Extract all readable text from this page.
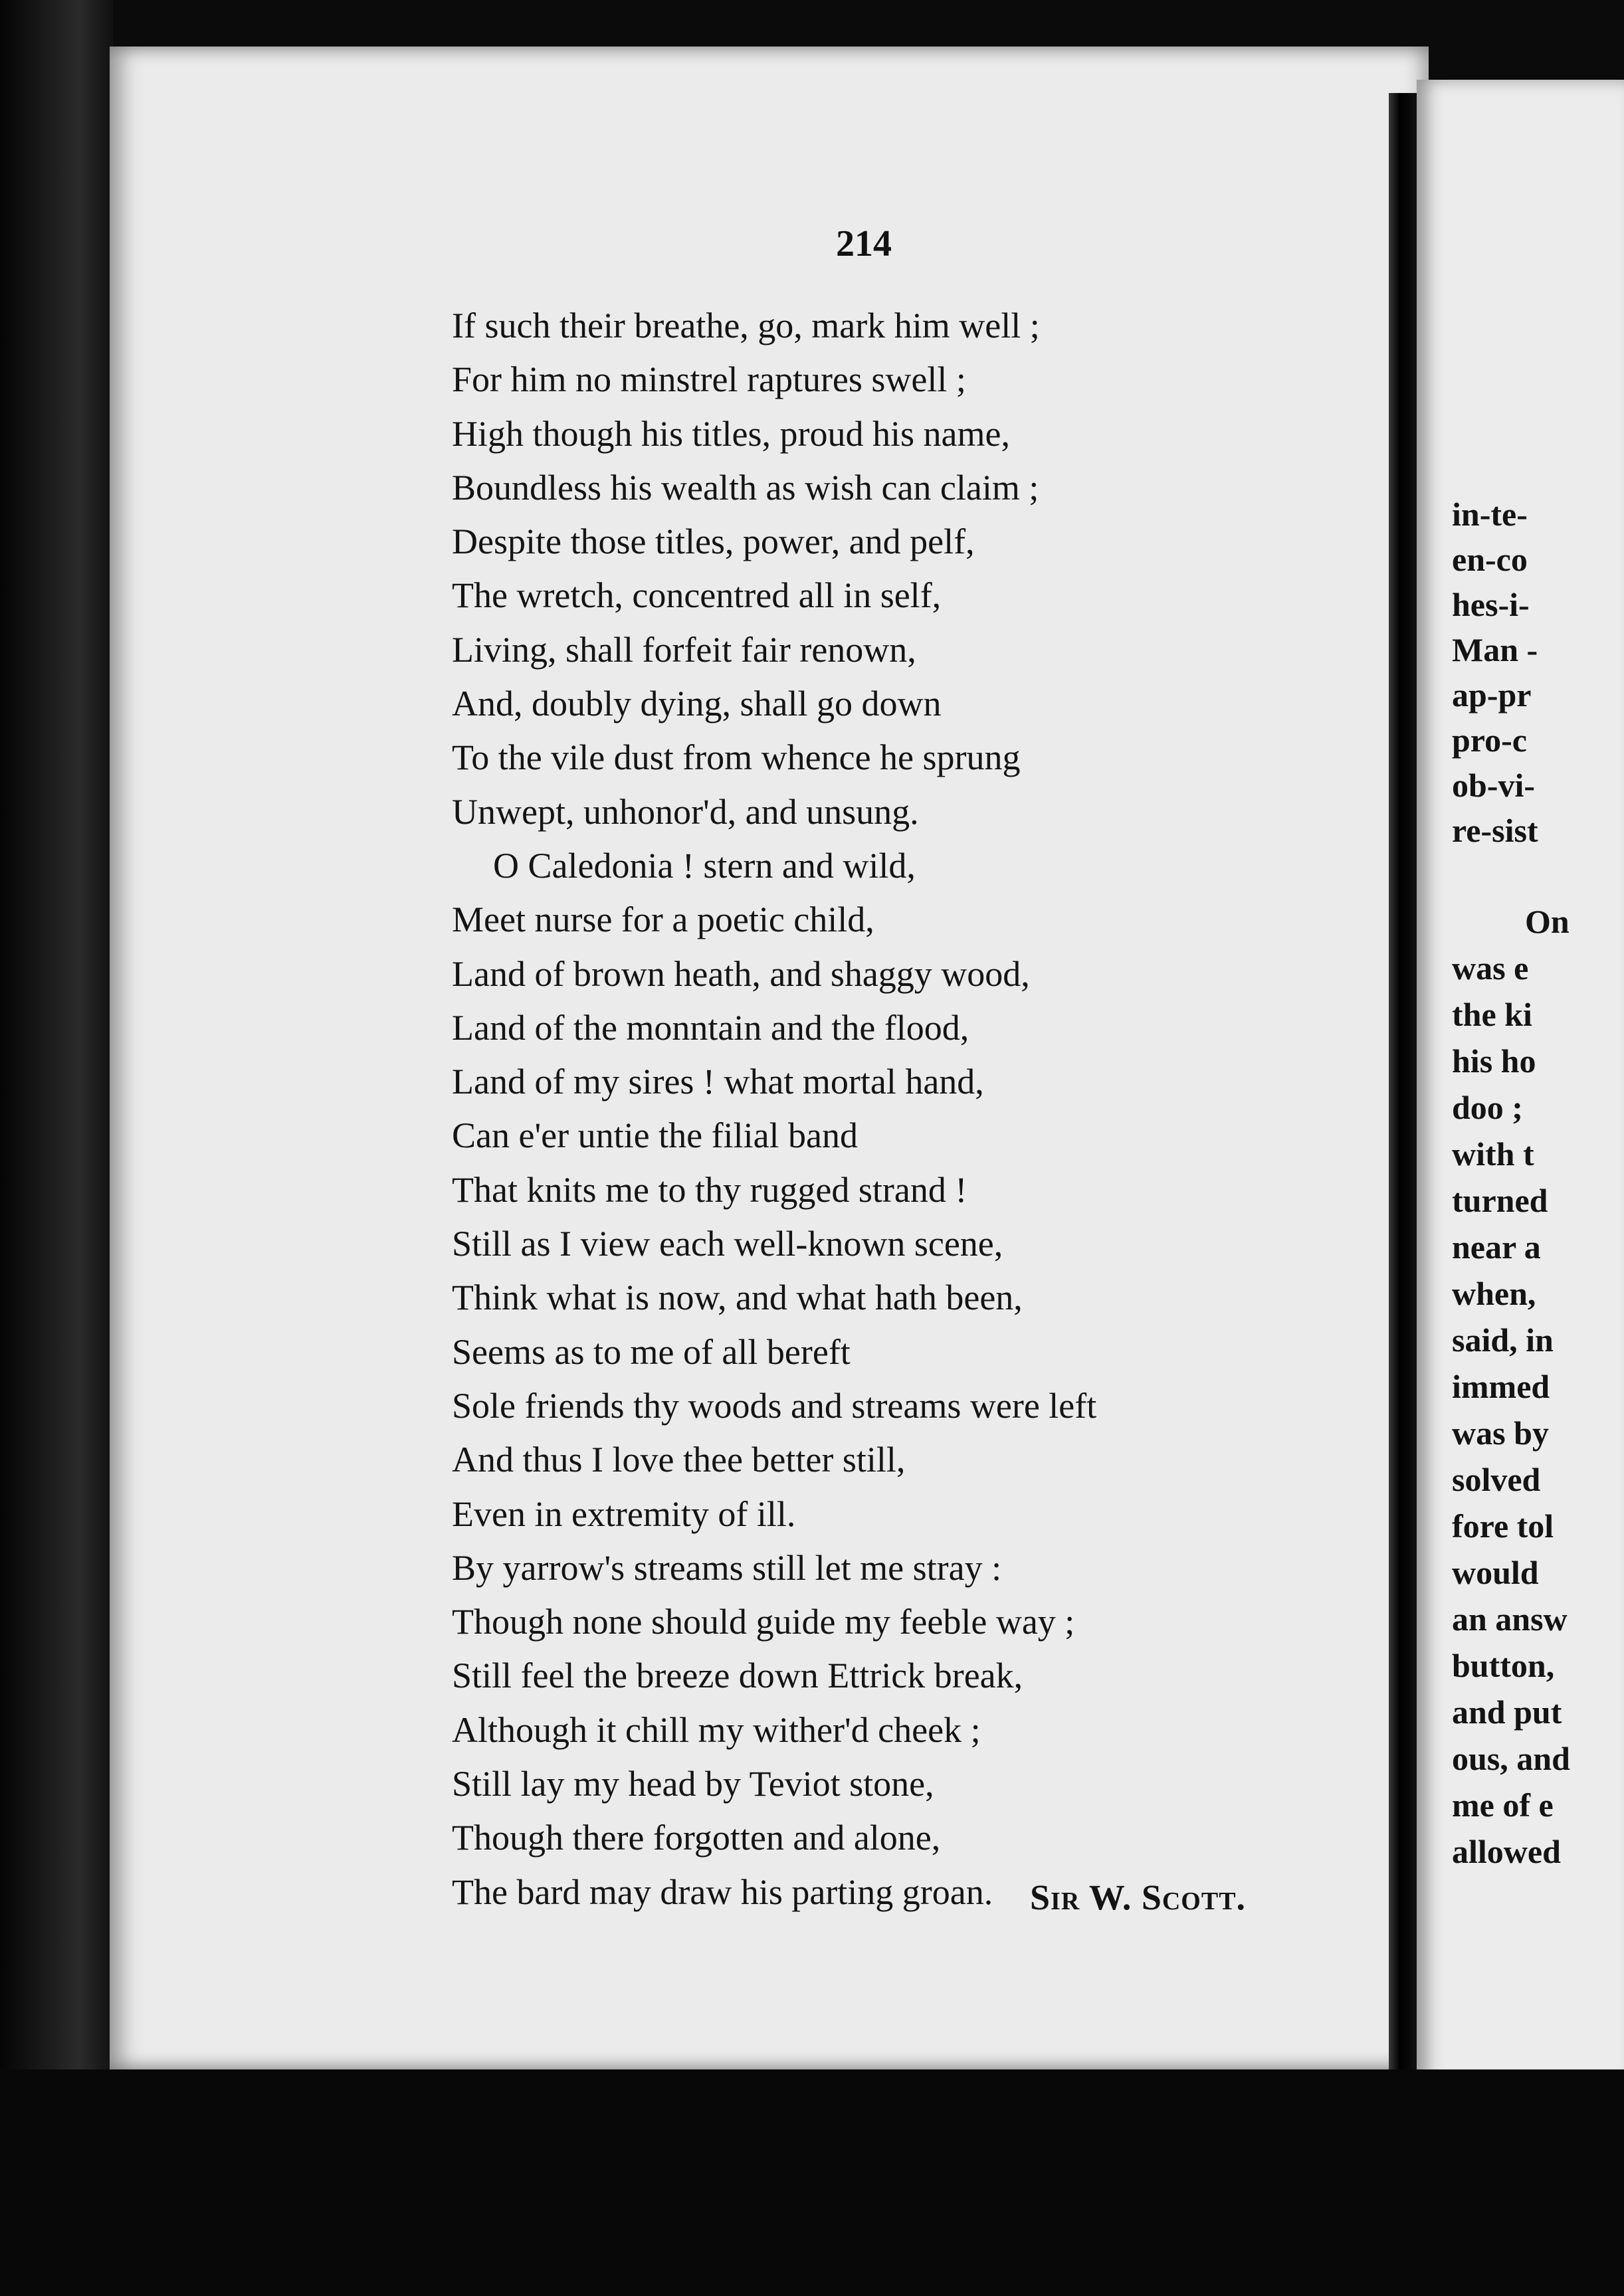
214
If such their breathe, go, mark him well ;
For him no minstrel raptures swell ;
High though his titles, proud his name,
Boundless his wealth as wish can claim ;
Despite those titles, power, and pelf,
The wretch, concentred all in self,
Living, shall forfeit fair renown,
And, doubly dying, shall go down
To the vile dust from whence he sprung
Unwept, unhonor'd, and unsung.
O Caledonia ! stern and wild,
Meet nurse for a poetic child,
Land of brown heath, and shaggy wood,
Land of the monntain and the flood,
Land of my sires ! what mortal hand,
Can e'er untie the filial band
That knits me to thy rugged strand !
Still as I view each well-known scene,
Think what is now, and what hath been,
Seems as to me of all bereft
Sole friends thy woods and streams were left
And thus I love thee better still,
Even in extremity of ill.
By yarrow's streams still let me stray :
Though none should guide my feeble way ;
Still feel the breeze down Ettrick break,
Although it chill my wither'd cheek ;
Still lay my head by Teviot stone,
Though there forgotten and alone,
The bard may draw his parting groan.	Sir W. Scott.
in-te-
en-co
hes-i-
Man -
ap-pr
pro-c
ob-vi-
re-sist
On
was e
the ki
his ho
doo ;
with t
turned
near a
when,
said, in
immed
was by
solved
fore tol
would
an answ
button,
and put
ous, and
me of e
allowed
